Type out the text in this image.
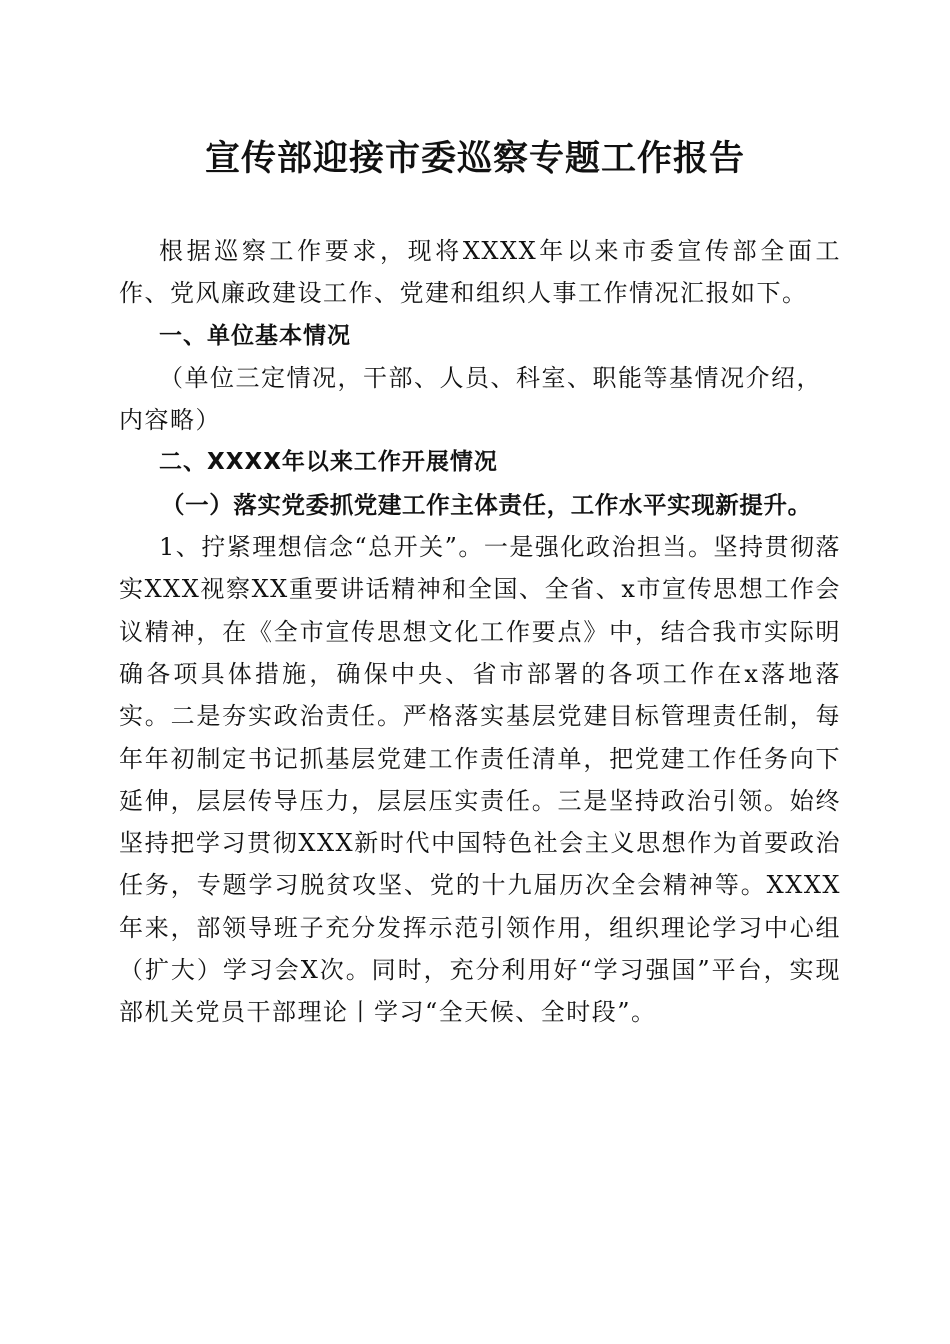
宣传部迎接市委巡察专题工作报告

根据巡察工作要求，现将XXXX年以来市委宣传部全面工作、党风廉政建设工作、党建和组织人事工作情况汇报如下。

一、单位基本情况

（单位三定情况，干部、人员、科室、职能等基情况介绍，内容略）

二、XXXX年以来工作开展情况

（一）落实党委抓党建工作主体责任，工作水平实现新提升。

1、拧紧理想信念“总开关”。一是强化政治担当。坚持贯彻落实XXX视察XX重要讲话精神和全国、全省、x市宣传思想工作会议精神，在《全市宣传思想文化工作要点》中，结合我市实际明确各项具体措施，确保中央、省市部署的各项工作在x落地落实。二是夯实政治责任。严格落实基层党建目标管理责任制，每年年初制定书记抓基层党建工作责任清单，把党建工作任务向下延伸，层层传导压力，层层压实责任。三是坚持政治引领。始终坚持把学习贯彻XXX新时代中国特色社会主义思想作为首要政治任务，专题学习脱贫攻坚、党的十九届历次全会精神等。XXXX年来，部领导班子充分发挥示范引领作用，组织理论学习中心组（扩大）学习会X次。同时，充分利用好“学习强国”平台，实现部机关党员干部理论丨学习“全天候、全时段”。
